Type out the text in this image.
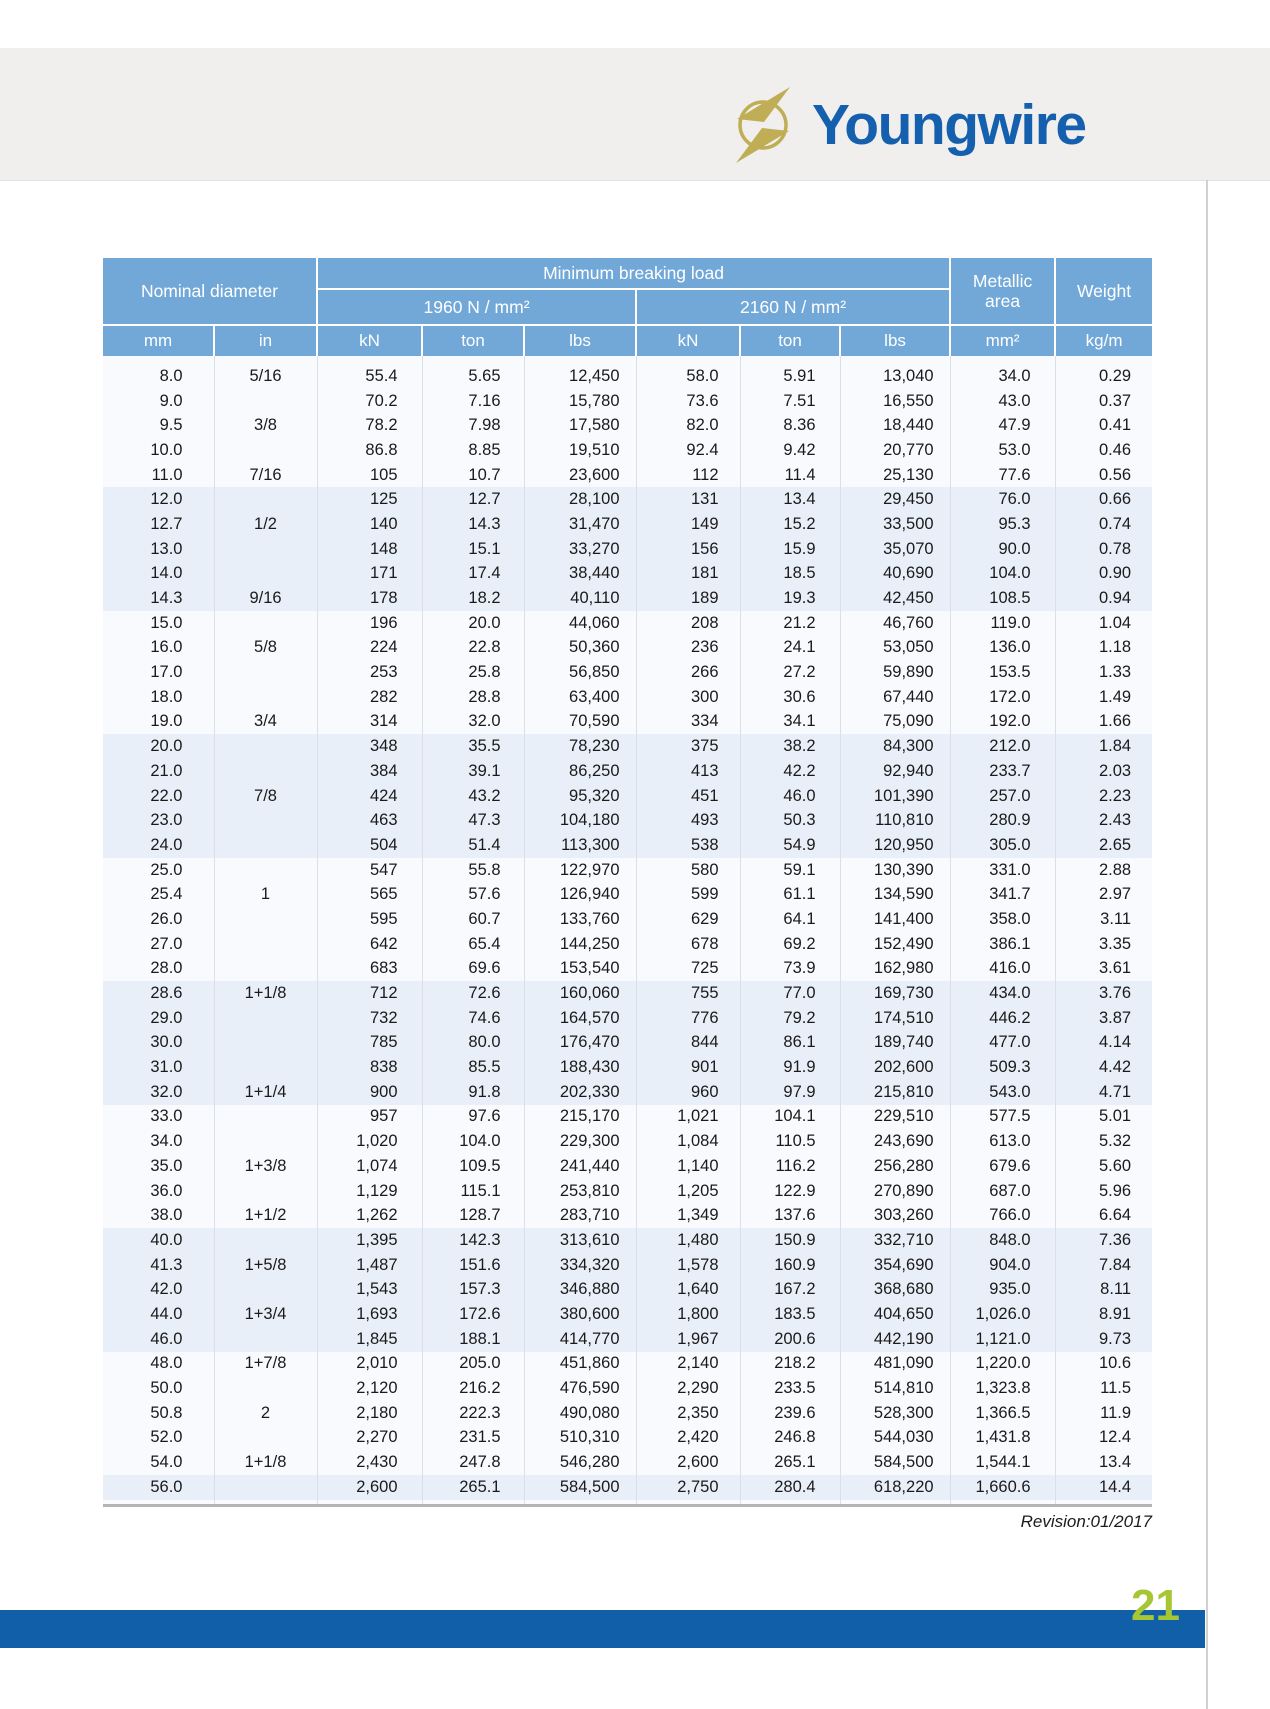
Youngwire
Nominal diameter		Minimum breaking load						Metallic area	Weight
		1960 N / mm²			2160 N / mm²				
mm	in	kN	ton	lbs	kN	ton	lbs	mm²	kg/m

8.0	5/16	55.4	5.65	12,450	58.0	5.91	13,040	34.0	0.29
9.0		70.2	7.16	15,780	73.6	7.51	16,550	43.0	0.37
9.5	3/8	78.2	7.98	17,580	82.0	8.36	18,440	47.9	0.41
10.0		86.8	8.85	19,510	92.4	9.42	20,770	53.0	0.46
11.0	7/16	105	10.7	23,600	112	11.4	25,130	77.6	0.56
12.0		125	12.7	28,100	131	13.4	29,450	76.0	0.66
12.7	1/2	140	14.3	31,470	149	15.2	33,500	95.3	0.74
13.0		148	15.1	33,270	156	15.9	35,070	90.0	0.78
14.0		171	17.4	38,440	181	18.5	40,690	104.0	0.90
14.3	9/16	178	18.2	40,110	189	19.3	42,450	108.5	0.94
15.0		196	20.0	44,060	208	21.2	46,760	119.0	1.04
16.0	5/8	224	22.8	50,360	236	24.1	53,050	136.0	1.18
17.0		253	25.8	56,850	266	27.2	59,890	153.5	1.33
18.0		282	28.8	63,400	300	30.6	67,440	172.0	1.49
19.0	3/4	314	32.0	70,590	334	34.1	75,090	192.0	1.66
20.0		348	35.5	78,230	375	38.2	84,300	212.0	1.84
21.0		384	39.1	86,250	413	42.2	92,940	233.7	2.03
22.0	7/8	424	43.2	95,320	451	46.0	101,390	257.0	2.23
23.0		463	47.3	104,180	493	50.3	110,810	280.9	2.43
24.0		504	51.4	113,300	538	54.9	120,950	305.0	2.65
25.0		547	55.8	122,970	580	59.1	130,390	331.0	2.88
25.4	1	565	57.6	126,940	599	61.1	134,590	341.7	2.97
26.0		595	60.7	133,760	629	64.1	141,400	358.0	3.11
27.0		642	65.4	144,250	678	69.2	152,490	386.1	3.35
28.0		683	69.6	153,540	725	73.9	162,980	416.0	3.61
28.6	1+1/8	712	72.6	160,060	755	77.0	169,730	434.0	3.76
29.0		732	74.6	164,570	776	79.2	174,510	446.2	3.87
30.0		785	80.0	176,470	844	86.1	189,740	477.0	4.14
31.0		838	85.5	188,430	901	91.9	202,600	509.3	4.42
32.0	1+1/4	900	91.8	202,330	960	97.9	215,810	543.0	4.71
33.0		957	97.6	215,170	1,021	104.1	229,510	577.5	5.01
34.0		1,020	104.0	229,300	1,084	110.5	243,690	613.0	5.32
35.0	1+3/8	1,074	109.5	241,440	1,140	116.2	256,280	679.6	5.60
36.0		1,129	115.1	253,810	1,205	122.9	270,890	687.0	5.96
38.0	1+1/2	1,262	128.7	283,710	1,349	137.6	303,260	766.0	6.64
40.0		1,395	142.3	313,610	1,480	150.9	332,710	848.0	7.36
41.3	1+5/8	1,487	151.6	334,320	1,578	160.9	354,690	904.0	7.84
42.0		1,543	157.3	346,880	1,640	167.2	368,680	935.0	8.11
44.0	1+3/4	1,693	172.6	380,600	1,800	183.5	404,650	1,026.0	8.91
46.0		1,845	188.1	414,770	1,967	200.6	442,190	1,121.0	9.73
48.0	1+7/8	2,010	205.0	451,860	2,140	218.2	481,090	1,220.0	10.6
50.0		2,120	216.2	476,590	2,290	233.5	514,810	1,323.8	11.5
50.8	2	2,180	222.3	490,080	2,350	239.6	528,300	1,366.5	11.9
52.0		2,270	231.5	510,310	2,420	246.8	544,030	1,431.8	12.4
54.0	1+1/8	2,430	247.8	546,280	2,600	265.1	584,500	1,544.1	13.4
56.0		2,600	265.1	584,500	2,750	280.4	618,220	1,660.6	14.4

Revision:01/2017
21
